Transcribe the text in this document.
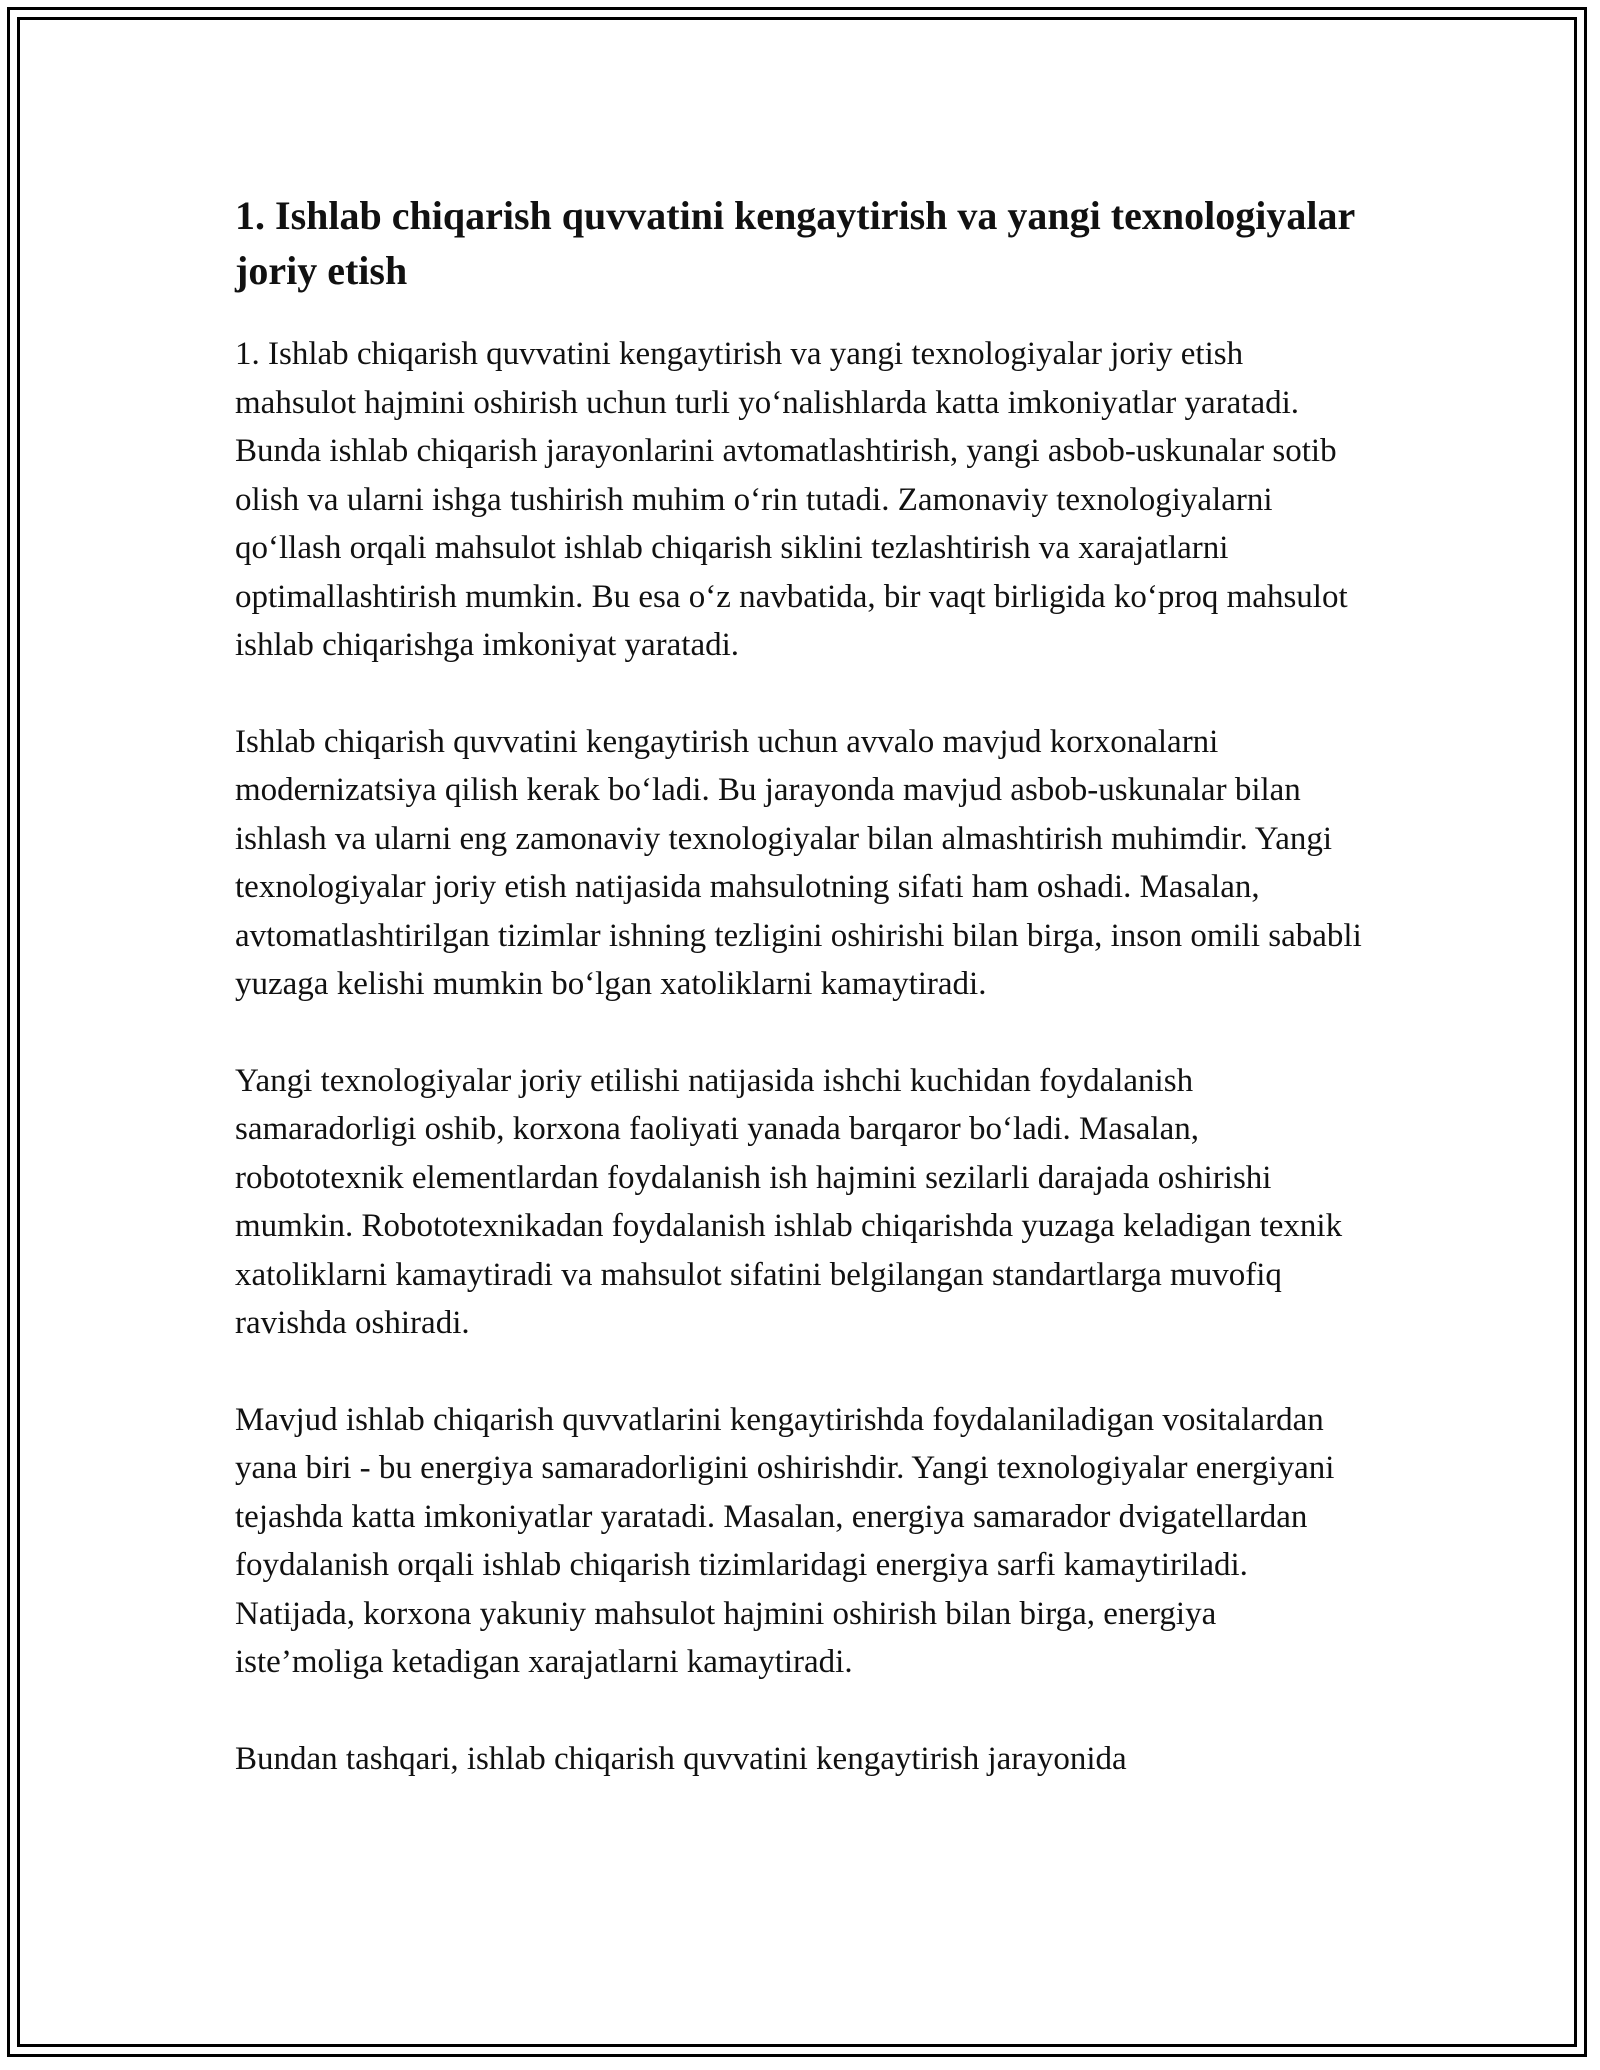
1. Ishlab chiqarish quvvatini kengaytirish va yangi texnologiyalar joriy etish

1. Ishlab chiqarish quvvatini kengaytirish va yangi texnologiyalar joriy etish mahsulot hajmini oshirish uchun turli yo‘nalishlarda katta imkoniyatlar yaratadi. Bunda ishlab chiqarish jarayonlarini avtomatlashtirish, yangi asbob-uskunalar sotib olish va ularni ishga tushirish muhim o‘rin tutadi. Zamonaviy texnologiyalarni qo‘llash orqali mahsulot ishlab chiqarish siklini tezlashtirish va xarajatlarni optimallashtirish mumkin. Bu esa o‘z navbatida, bir vaqt birligida ko‘proq mahsulot ishlab chiqarishga imkoniyat yaratadi.

Ishlab chiqarish quvvatini kengaytirish uchun avvalo mavjud korxonalarni modernizatsiya qilish kerak bo‘ladi. Bu jarayonda mavjud asbob-uskunalar bilan ishlash va ularni eng zamonaviy texnologiyalar bilan almashtirish muhimdir. Yangi texnologiyalar joriy etish natijasida mahsulotning sifati ham oshadi. Masalan, avtomatlashtirilgan tizimlar ishning tezligini oshirishi bilan birga, inson omili sababli yuzaga kelishi mumkin bo‘lgan xatoliklarni kamaytiradi.

Yangi texnologiyalar joriy etilishi natijasida ishchi kuchidan foydalanish samaradorligi oshib, korxona faoliyati yanada barqaror bo‘ladi. Masalan, robototexnik elementlardan foydalanish ish hajmini sezilarli darajada oshirishi mumkin. Robototexnikadan foydalanish ishlab chiqarishda yuzaga keladigan texnik xatoliklarni kamaytiradi va mahsulot sifatini belgilangan standartlarga muvofiq ravishda oshiradi.

Mavjud ishlab chiqarish quvvatlarini kengaytirishda foydalaniladigan vositalardan yana biri - bu energiya samaradorligini oshirishdir. Yangi texnologiyalar energiyani tejashda katta imkoniyatlar yaratadi. Masalan, energiya samarador dvigatellardan foydalanish orqali ishlab chiqarish tizimlaridagi energiya sarfi kamaytiriladi. Natijada, korxona yakuniy mahsulot hajmini oshirish bilan birga, energiya iste’moliga ketadigan xarajatlarni kamaytiradi.

Bundan tashqari, ishlab chiqarish quvvatini kengaytirish jarayonida
